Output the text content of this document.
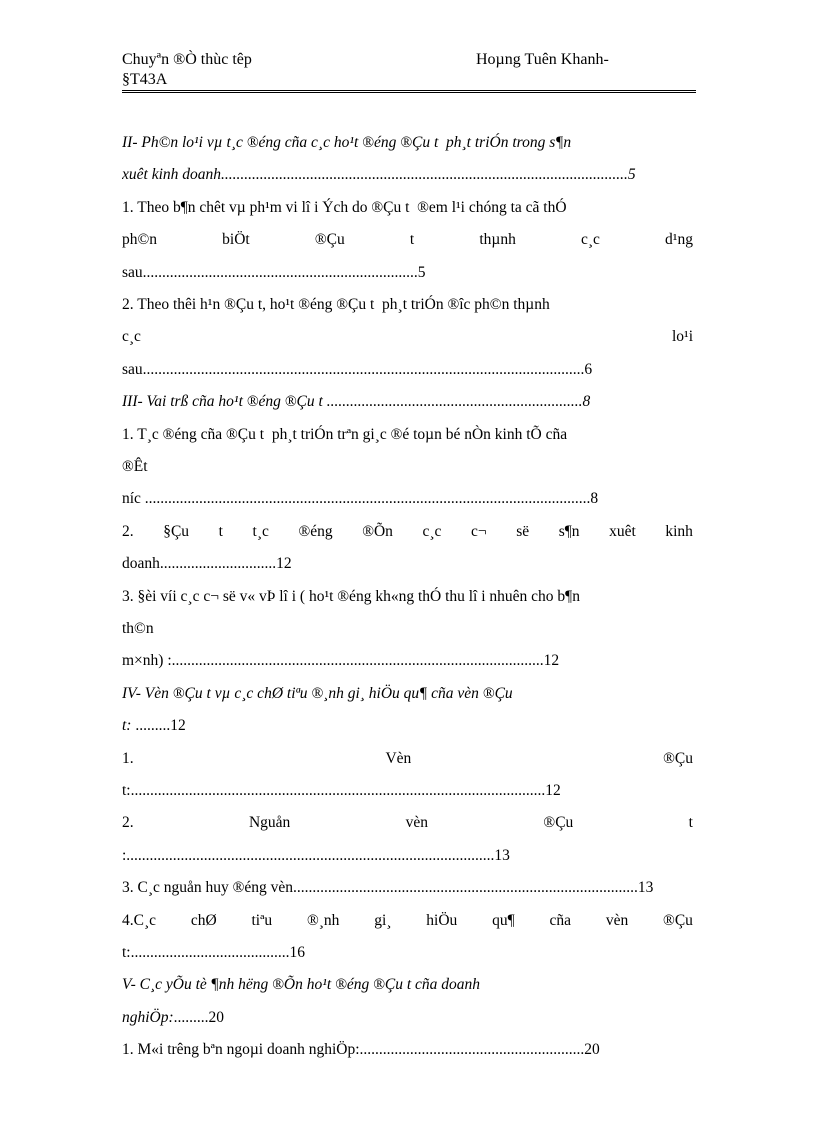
Chuyªn ®Ò thùc têp
§T43A
Hoµng Tuên Khanh-
II- Ph©n lo¹i vµ t¸c ®éng cña c¸c ho¹t ®éng ®Çu t  ph¸t triÓn trong s¶n
xuêt kinh doanh.........................................................................................................5
1. Theo b¶n chêt vµ ph¹m vi lî i Ých do ®Çu t  ®em l¹i chóng ta cã thÓ
ph©n	biÖt	®Çu	t	thµnh	c¸c	d¹ng
sau.......................................................................5
2. Theo thêi h¹n ®Çu t, ho¹t ®éng ®Çu t  ph¸t triÓn ®îc ph©n thµnh
c¸c	lo¹i
sau..................................................................................................................6
III- Vai trß cña ho¹t ®éng ®Çu t ..................................................................8
1. T¸c ®éng cña ®Çu t  ph¸t triÓn trªn gi¸c ®é toµn bé nÒn kinh tÕ cña
®Êt
níc ...................................................................................................................8
2. §Çu t t¸c ®éng ®Õn c¸c c¬ së s¶n xuêt kinh
doanh..............................12
3. §èi víi c¸c c¬ së v« vÞ lî i ( ho¹t ®éng kh«ng thÓ thu lî i nhuên cho b¶n
th©n
m×nh) :................................................................................................12
IV- Vèn ®Çu t vµ c¸c chØ tiªu ®¸nh gi¸ hiÖu qu¶ cña vèn ®Çu
t: .........12
1.	Vèn	®Çu
t:...........................................................................................................12
2.	Nguån	vèn	®Çu	t
:...............................................................................................13
3. C¸c nguån huy ®éng vèn.........................................................................................13
4.C¸c chØ tiªu ®¸nh gi¸ hiÖu qu¶ cña vèn ®Çu
t:.........................................16
V- C¸c yÕu tè ¶nh hëng ®Õn ho¹t ®éng ®Çu t cña doanh
nghiÖp:.........20
1. M«i trêng bªn ngoµi doanh nghiÖp:..........................................................20
